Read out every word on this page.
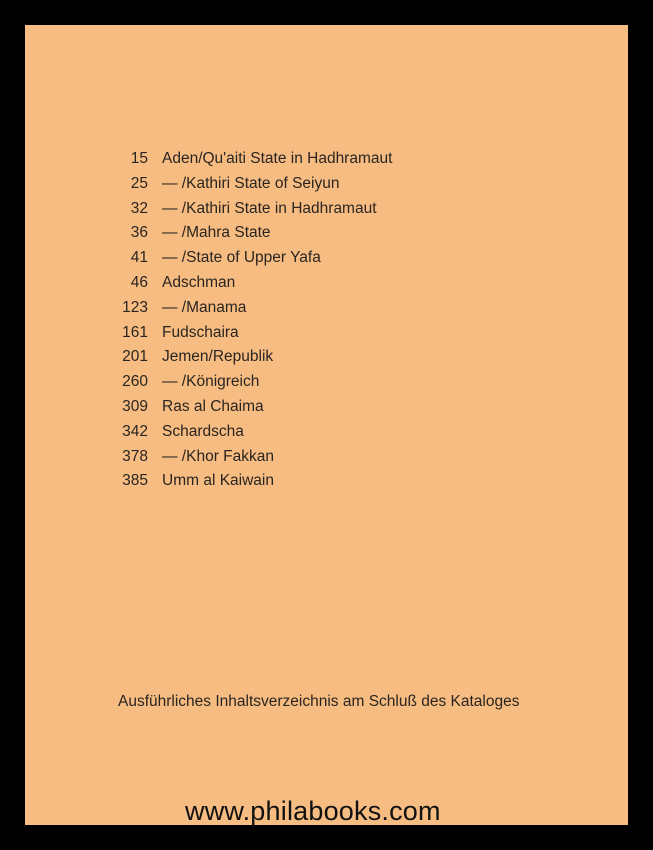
15 Aden/Qu'aiti State in Hadhramaut
25 — /Kathiri State of Seiyun
32 — /Kathiri State in Hadhramaut
36 — /Mahra State
41 — /State of Upper Yafa
46 Adschman
123 — /Manama
161 Fudschaira
201 Jemen/Republik
260 — /Königreich
309 Ras al Chaima
342 Schardscha
378 — /Khor Fakkan
385 Umm al Kaiwain
Ausführliches Inhaltsverzeichnis am Schluß des Kataloges
www.philabooks.com
